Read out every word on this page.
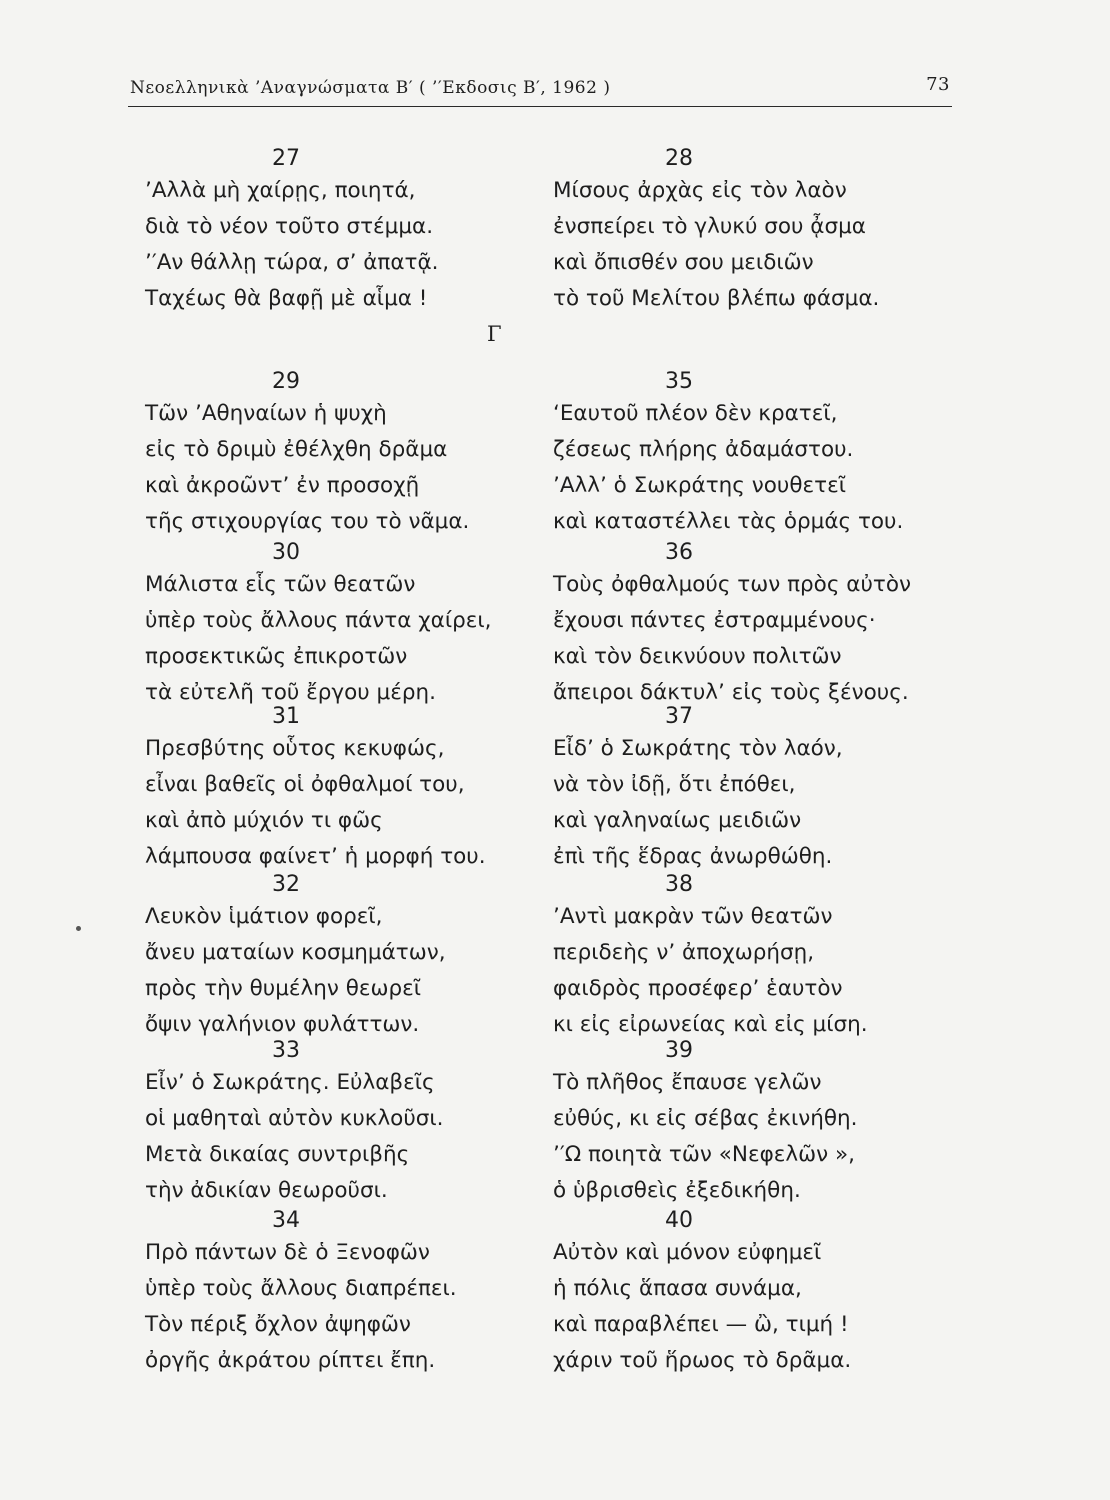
Νεοελληνικὰ ’Αναγνώσματα Β′ ( ’′Εκδοσις Β′, 1962 )	73
Γ
27
’Αλλὰ μὴ χαίρῃς, ποιητά,
διὰ τὸ νέον τοῦτο στέμμα.
’′Αν θάλλῃ τώρα, σ’ ἀπατᾷ.
Ταχέως θὰ βαφῇ μὲ αἷμα !
29
Τῶν ’Αθηναίων ἡ ψυχὴ
εἰς τὸ δριμὺ ἐθέλχθη δρᾶμα
καὶ ἀκροῶντ’ ἐν προσοχῇ
τῆς στιχουργίας του τὸ νᾶμα.
30
Μάλιστα εἷς τῶν θεατῶν
ὑπὲρ τοὺς ἄλλους πάντα χαίρει,
προσεκτικῶς ἐπικροτῶν
τὰ εὐτελῆ τοῦ ἔργου μέρη.
31
Πρεσβύτης οὗτος κεκυφώς,
εἶναι βαθεῖς οἱ ὀφθαλμοί του,
καὶ ἀπὸ μύχιόν τι φῶς
λάμπουσα φαίνετ’ ἡ μορφή του.
32
Λευκὸν ἱμάτιον φορεῖ,
ἄνευ ματαίων κοσμημάτων,
πρὸς τὴν θυμέλην θεωρεῖ
ὄψιν γαλήνιον φυλάττων.
33
Εἶν’ ὁ Σωκράτης. Εὐλαβεῖς
οἱ μαθηταὶ αὐτὸν κυκλοῦσι.
Μετὰ δικαίας συντριβῆς
τὴν ἀδικίαν θεωροῦσι.
34
Πρὸ πάντων δὲ ὁ Ξενοφῶν
ὑπὲρ τοὺς ἄλλους διαπρέπει.
Τὸν πέριξ ὄχλον ἀψηφῶν
ὀργῆς ἀκράτου ρίπτει ἔπη.
28
Μίσους ἀρχὰς εἰς τὸν λαὸν
ἐνσπείρει τὸ γλυκύ σου ᾆσμα
καὶ ὄπισθέν σου μειδιῶν
τὸ τοῦ Μελίτου βλέπω φάσμα.
35
‘Εαυτοῦ πλέον δὲν κρατεῖ,
ζέσεως πλήρης ἀδαμάστου.
’Αλλ’ ὁ Σωκράτης νουθετεῖ
καὶ καταστέλλει τὰς ὁρμάς του.
36
Τοὺς ὀφθαλμούς των πρὸς αὐτὸν
ἔχουσι πάντες ἐστραμμένους·
καὶ τὸν δεικνύουν πολιτῶν
ἄπειροι δάκτυλ’ εἰς τοὺς ξένους.
37
Εἶδ’ ὁ Σωκράτης τὸν λαόν,
νὰ τὸν ἰδῇ, ὅτι ἐπόθει,
καὶ γαληναίως μειδιῶν
ἐπὶ τῆς ἕδρας ἀνωρθώθη.
38
’Αντὶ μακρὰν τῶν θεατῶν
περιδεὴς ν’ ἀποχωρήσῃ,
φαιδρὸς προσέφερ’ ἑαυτὸν
κι εἰς εἰρωνείας καὶ εἰς μίση.
39
Τὸ πλῆθος ἔπαυσε γελῶν
εὐθύς, κι εἰς σέβας ἐκινήθη.
’′Ω ποιητὰ τῶν «Νεφελῶν »,
ὁ ὑβρισθεὶς ἐξεδικήθη.
40
Αὐτὸν καὶ μόνον εὐφημεῖ
ἡ πόλις ἅπασα συνάμα,
καὶ παραβλέπει — ὢ, τιμή !
χάριν τοῦ ἥρωος τὸ δρᾶμα.
